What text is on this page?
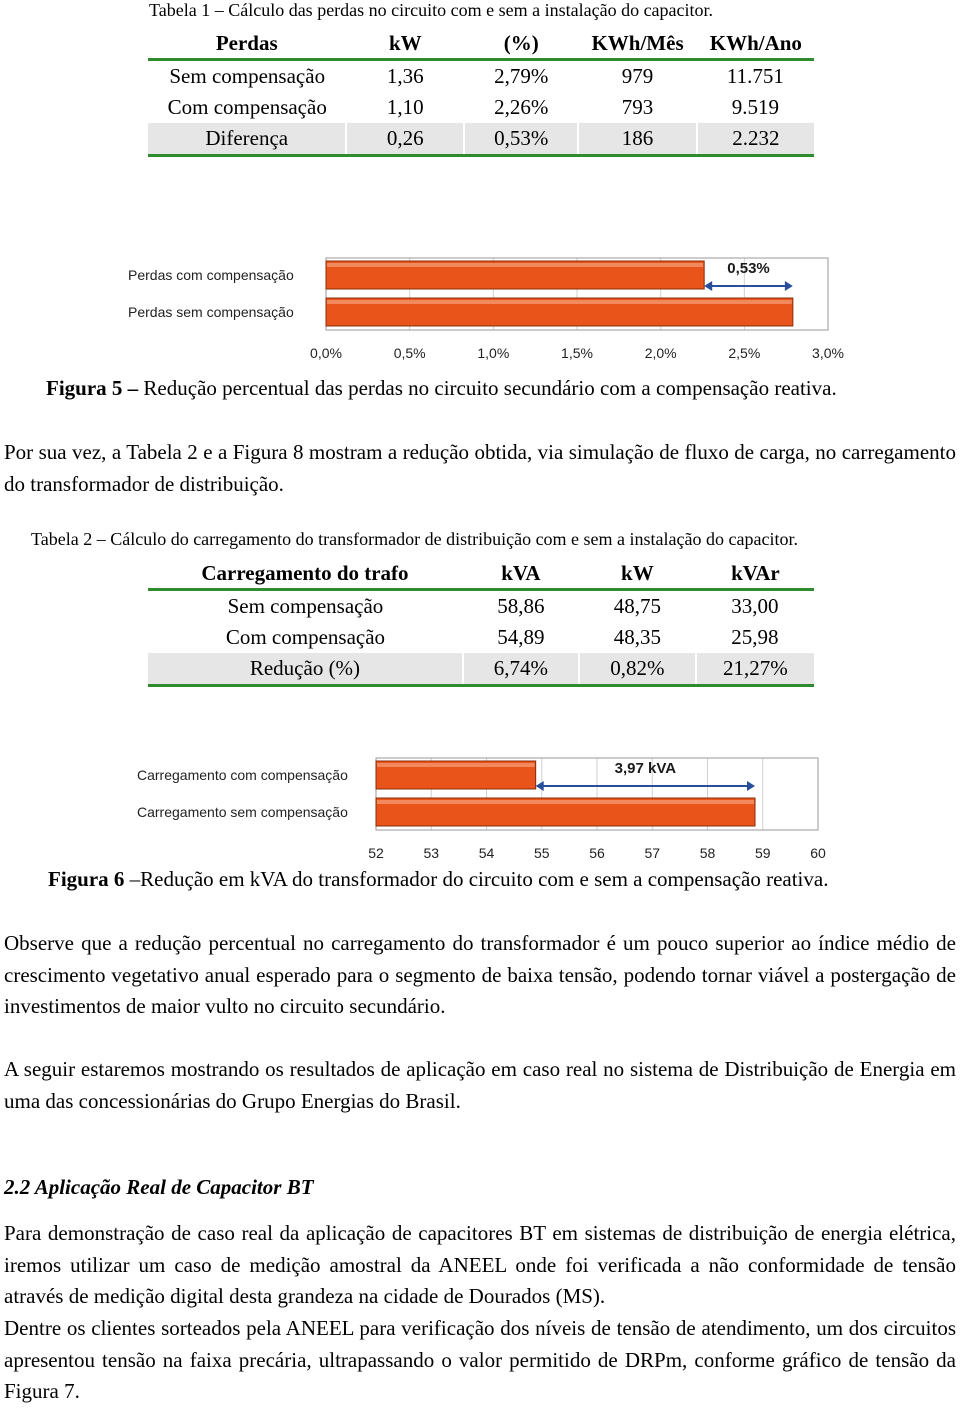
Tabela 1 – Cálculo das perdas no circuito com e sem a instalação do capacitor.
Perdas	kW	(%)	KWh/Mês	KWh/Ano
Sem compensação	1,36	2,79%	979	11.751
Com compensação	1,10	2,26%	793	9.519
Diferença	0,26	0,53%	186	2.232
Perdas com compensação
Perdas sem compensação
0,53%
0,0%	0,5%	1,0%	1,5%	2,0%	2,5%	3,0%
Figura 5 – Redução percentual das perdas no circuito secundário com a compensação reativa.
Por sua vez, a Tabela 2 e a Figura 8 mostram a redução obtida, via simulação de fluxo de carga, no carregamento do transformador de distribuição.
Tabela 2 – Cálculo do carregamento do transformador de distribuição com e sem a instalação do capacitor.
Carregamento do trafo	kVA	kW	kVAr
Sem compensação	58,86	48,75	33,00
Com compensação	54,89	48,35	25,98
Redução (%)	6,74%	0,82%	21,27%
Carregamento com compensação
Carregamento sem compensação
3,97 kVA
52	53	54	55	56	57	58	59	60
Figura 6 –Redução em kVA do transformador do circuito com e sem a compensação reativa.
Observe que a redução percentual no carregamento do transformador é um pouco superior ao índice médio de crescimento vegetativo anual esperado para o segmento de baixa tensão, podendo tornar viável a postergação de investimentos de maior vulto no circuito secundário.
A seguir estaremos mostrando os resultados de aplicação em caso real no sistema de Distribuição de Energia em uma das concessionárias do Grupo Energias do Brasil.
2.2 Aplicação Real de Capacitor BT
Para demonstração de caso real da aplicação de capacitores BT em sistemas de distribuição de energia elétrica, iremos utilizar um caso de medição amostral da ANEEL onde foi verificada a não conformidade de tensão através de medição digital desta grandeza na cidade de Dourados (MS).
Dentre os clientes sorteados pela ANEEL para verificação dos níveis de tensão de atendimento, um dos circuitos apresentou tensão na faixa precária, ultrapassando o valor permitido de DRPm, conforme gráfico de tensão da Figura 7.
